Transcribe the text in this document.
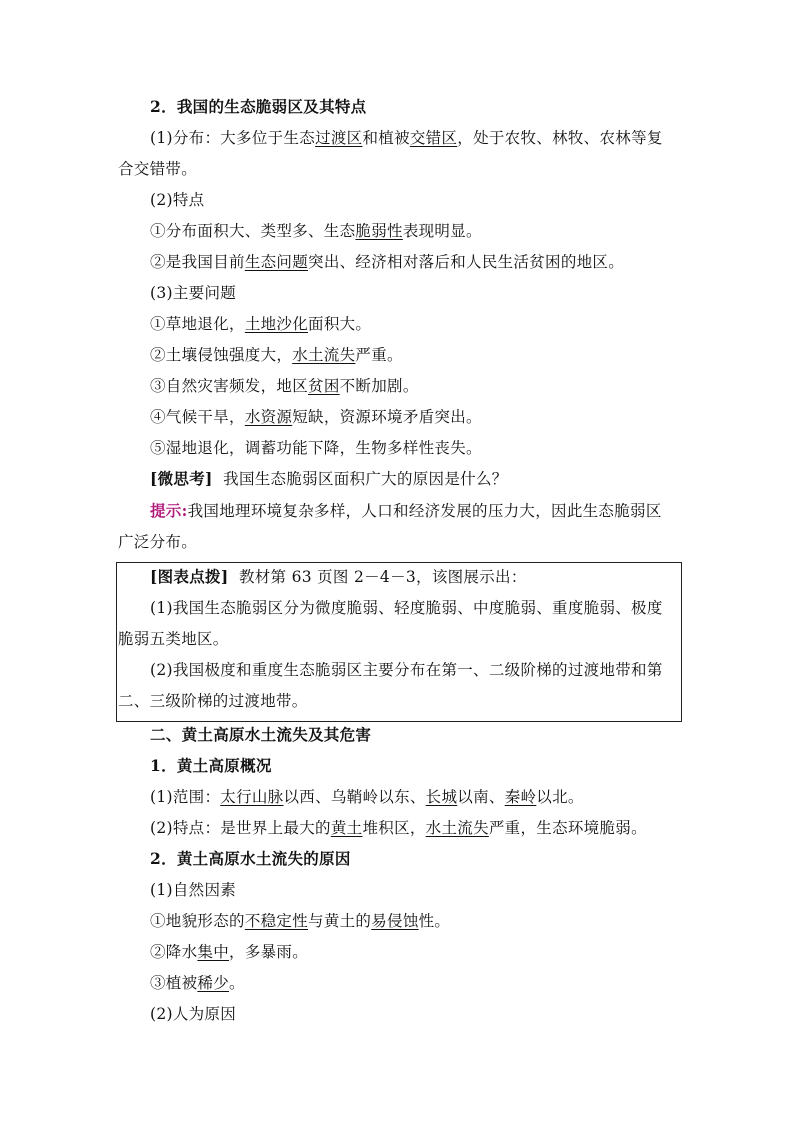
2．我国的生态脆弱区及其特点
(1)分布：大多位于生态过渡区和植被交错区，处于农牧、林牧、农林等复
合交错带。
(2)特点
①分布面积大、类型多、生态脆弱性表现明显。
②是我国目前生态问题突出、经济相对落后和人民生活贫困的地区。
(3)主要问题
①草地退化，土地沙化面积大。
②土壤侵蚀强度大，水土流失严重。
③自然灾害频发，地区贫困不断加剧。
④气候干旱，水资源短缺，资源环境矛盾突出。
⑤湿地退化，调蓄功能下降，生物多样性丧失。
[微思考] 我国生态脆弱区面积广大的原因是什么？
提示:我国地理环境复杂多样，人口和经济发展的压力大，因此生态脆弱区
广泛分布。
[图表点拨] 教材第 63 页图 2－4－3，该图展示出：
(1)我国生态脆弱区分为微度脆弱、轻度脆弱、中度脆弱、重度脆弱、极度
脆弱五类地区。
(2)我国极度和重度生态脆弱区主要分布在第一、二级阶梯的过渡地带和第
二、三级阶梯的过渡地带。
二、黄土高原水土流失及其危害
1．黄土高原概况
(1)范围：太行山脉以西、乌鞘岭以东、长城以南、秦岭以北。
(2)特点：是世界上最大的黄土堆积区，水土流失严重，生态环境脆弱。
2．黄土高原水土流失的原因
(1)自然因素
①地貌形态的不稳定性与黄土的易侵蚀性。
②降水集中，多暴雨。
③植被稀少。
(2)人为原因
